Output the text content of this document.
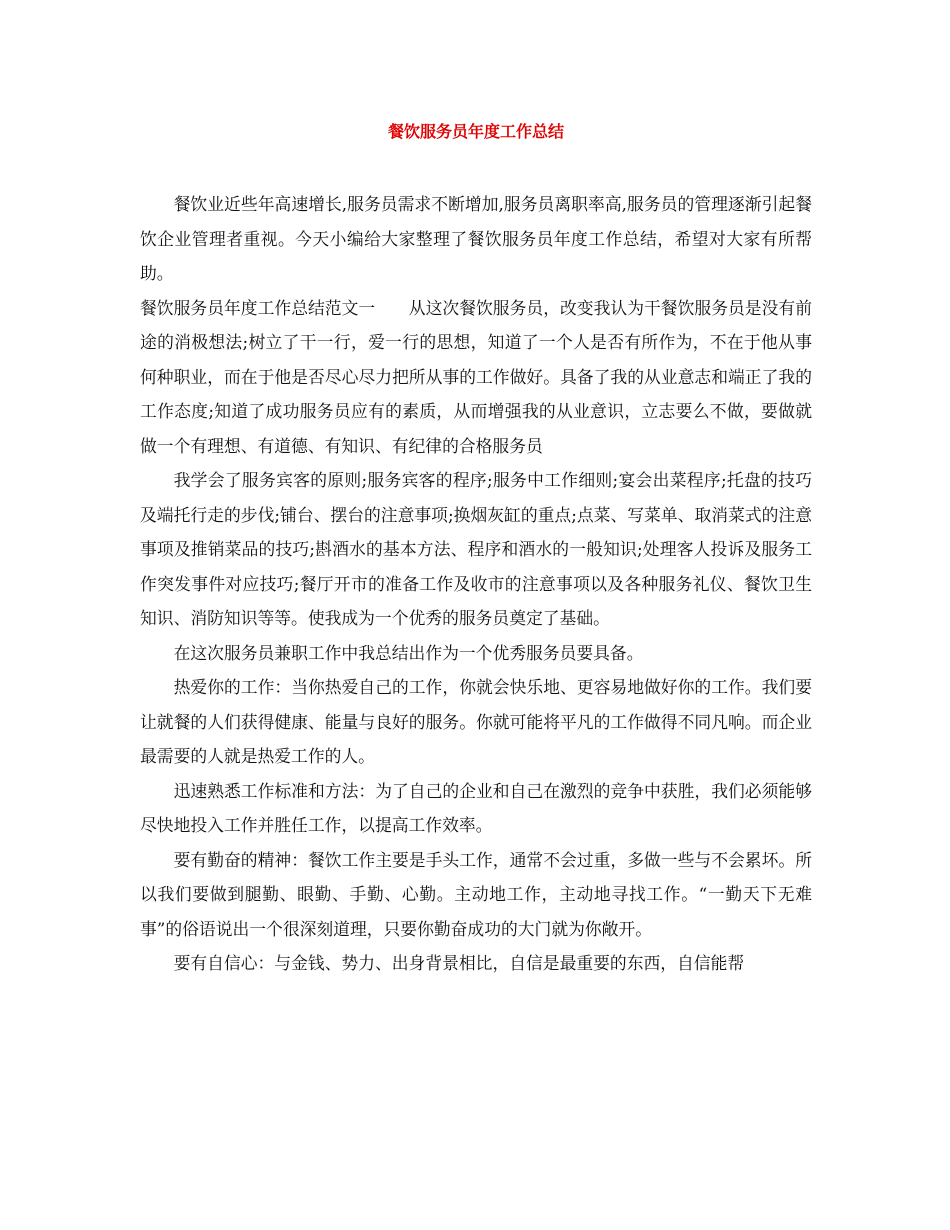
餐饮服务员年度工作总结

餐饮业近些年高速增长,服务员需求不断增加,服务员离职率高,服务员的管理逐渐引起餐饮企业管理者重视。今天小编给大家整理了餐饮服务员年度工作总结，希望对大家有所帮助。

餐饮服务员年度工作总结范文一　　从这次餐饮服务员，改变我认为干餐饮服务员是没有前途的消极想法;树立了干一行，爱一行的思想，知道了一个人是否有所作为，不在于他从事何种职业，而在于他是否尽心尽力把所从事的工作做好。具备了我的从业意志和端正了我的工作态度;知道了成功服务员应有的素质，从而增强我的从业意识，立志要么不做，要做就做一个有理想、有道德、有知识、有纪律的合格服务员

我学会了服务宾客的原则;服务宾客的程序;服务中工作细则;宴会出菜程序;托盘的技巧及端托行走的步伐;铺台、摆台的注意事项;换烟灰缸的重点;点菜、写菜单、取消菜式的注意事项及推销菜品的技巧;斟酒水的基本方法、程序和酒水的一般知识;处理客人投诉及服务工作突发事件对应技巧;餐厅开市的准备工作及收市的注意事项以及各种服务礼仪、餐饮卫生知识、消防知识等等。使我成为一个优秀的服务员奠定了基础。

在这次服务员兼职工作中我总结出作为一个优秀服务员要具备。

热爱你的工作：当你热爱自己的工作，你就会快乐地、更容易地做好你的工作。我们要让就餐的人们获得健康、能量与良好的服务。你就可能将平凡的工作做得不同凡响。而企业最需要的人就是热爱工作的人。

迅速熟悉工作标准和方法：为了自己的企业和自己在激烈的竞争中获胜，我们必须能够尽快地投入工作并胜任工作，以提高工作效率。

要有勤奋的精神：餐饮工作主要是手头工作，通常不会过重，多做一些与不会累坏。所以我们要做到腿勤、眼勤、手勤、心勤。主动地工作，主动地寻找工作。“一勤天下无难事”的俗语说出一个很深刻道理，只要你勤奋成功的大门就为你敞开。

要有自信心：与金钱、势力、出身背景相比，自信是最重要的东西，自信能帮
